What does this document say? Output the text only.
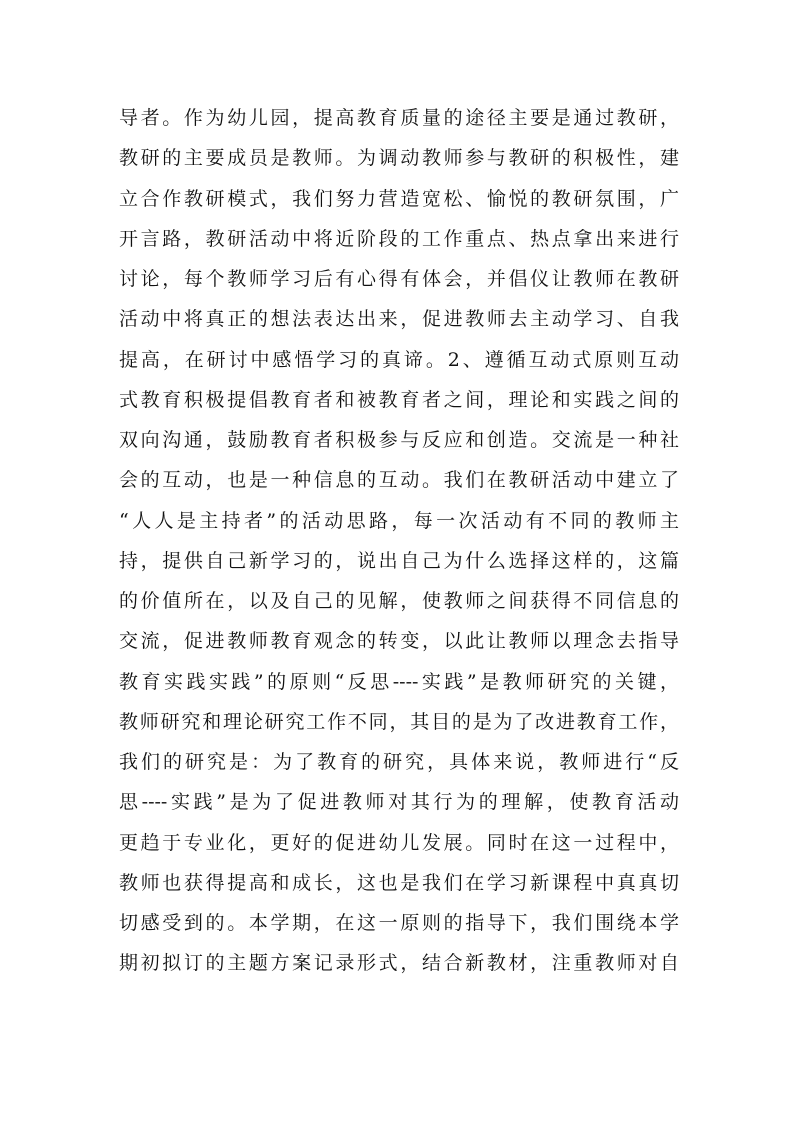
导者。作为幼儿园，提高教育质量的途径主要是通过教研，
教研的主要成员是教师。为调动教师参与教研的积极性，建
立合作教研模式，我们努力营造宽松、愉悦的教研氛围，广
开言路，教研活动中将近阶段的工作重点、热点拿出来进行
讨论，每个教师学习后有心得有体会，并倡仪让教师在教研
活动中将真正的想法表达出来，促进教师去主动学习、自我
提高，在研讨中感悟学习的真谛。2、遵循互动式原则互动
式教育积极提倡教育者和被教育者之间，理论和实践之间的
双向沟通，鼓励教育者积极参与反应和创造。交流是一种社
会的互动，也是一种信息的互动。我们在教研活动中建立了
“人人是主持者”的活动思路，每一次活动有不同的教师主
持，提供自己新学习的，说出自己为什么选择这样的，这篇
的价值所在，以及自己的见解，使教师之间获得不同信息的
交流，促进教师教育观念的转变，以此让教师以理念去指导
教育实践实践”的原则“反思----实践”是教师研究的关键，
教师研究和理论研究工作不同，其目的是为了改进教育工作，
我们的研究是：为了教育的研究，具体来说，教师进行“反
思----实践”是为了促进教师对其行为的理解，使教育活动
更趋于专业化，更好的促进幼儿发展。同时在这一过程中，
教师也获得提高和成长，这也是我们在学习新课程中真真切
切感受到的。本学期，在这一原则的指导下，我们围绕本学
期初拟订的主题方案记录形式，结合新教材，注重教师对自
